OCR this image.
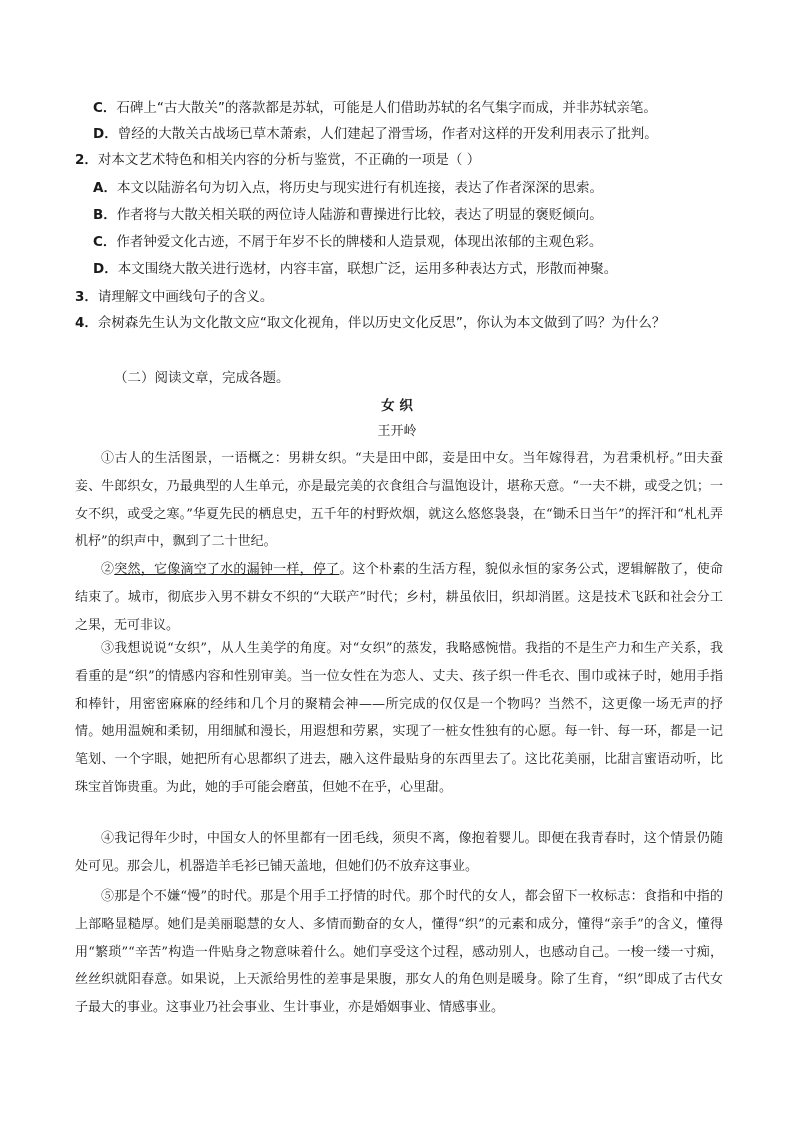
C．石碑上“古大散关”的落款都是苏轼，可能是人们借助苏轼的名气集字而成，并非苏轼亲笔。
D．曾经的大散关古战场已草木萧索，人们建起了滑雪场，作者对这样的开发利用表示了批判。
2．对本文艺术特色和相关内容的分析与鉴赏，不正确的一项是（ ）
A．本文以陆游名句为切入点，将历史与现实进行有机连接，表达了作者深深的思索。
B．作者将与大散关相关联的两位诗人陆游和曹操进行比较，表达了明显的褒贬倾向。
C．作者钟爱文化古迹，不屑于年岁不长的牌楼和人造景观，体现出浓郁的主观色彩。
D．本文围绕大散关进行选材，内容丰富，联想广泛，运用多种表达方式，形散而神聚。
3．请理解文中画线句子的含义。
4．佘树森先生认为文化散文应“取文化视角，伴以历史文化反思”，你认为本文做到了吗？为什么？
（二）阅读文章，完成各题。
女 织
王开岭

①古人的生活图景，一语概之：男耕女织。“夫是田中郎，妾是田中女。当年嫁得君，为君秉机杼。”田夫蚕妾、牛郎织女，乃最典型的人生单元，亦是最完美的衣食组合与温饱设计，堪称天意。“一夫不耕，或受之饥；一女不织，或受之寒。”华夏先民的栖息史，五千年的村野炊烟，就这么悠悠袅袅，在“锄禾日当午”的挥汗和“札札弄机杼”的织声中，飘到了二十世纪。

②突然，它像滴空了水的漏钟一样，停了。这个朴素的生活方程，貌似永恒的家务公式，逻辑解散了，使命结束了。城市，彻底步入男不耕女不织的“大联产”时代；乡村，耕虽依旧，织却消匿。这是技术飞跃和社会分工之果，无可非议。

③我想说说“女织”，从人生美学的角度。对“女织”的蒸发，我略感惋惜。我指的不是生产力和生产关系，我看重的是“织”的情感内容和性别审美。当一位女性在为恋人、丈夫、孩子织一件毛衣、围巾或袜子时，她用手指和棒针，用密密麻麻的经纬和几个月的聚精会神——所完成的仅仅是一个物吗？当然不，这更像一场无声的抒情。她用温婉和柔韧，用细腻和漫长，用遐想和劳累，实现了一桩女性独有的心愿。每一针、每一环，都是一记笔划、一个字眼，她把所有心思都织了进去，融入这件最贴身的东西里去了。这比花美丽，比甜言蜜语动听，比珠宝首饰贵重。为此，她的手可能会磨茧，但她不在乎，心里甜。

④我记得年少时，中国女人的怀里都有一团毛线，须臾不离，像抱着婴儿。即便在我青春时，这个情景仍随处可见。那会儿，机器造羊毛衫已铺天盖地，但她们仍不放弃这事业。

⑤那是个不嫌“慢”的时代。那是个用手工抒情的时代。那个时代的女人，都会留下一枚标志：食指和中指的上部略显糙厚。她们是美丽聪慧的女人、多情而勤奋的女人，懂得“织”的元素和成分，懂得“亲手”的含义，懂得用“繁琐”“辛苦”构造一件贴身之物意味着什么。她们享受这个过程，感动别人，也感动自己。一梭一缕一寸痴，丝丝织就阳春意。如果说，上天派给男性的差事是果腹，那女人的角色则是暖身。除了生育，“织”即成了古代女子最大的事业。这事业乃社会事业、生计事业，亦是婚姻事业、情感事业。
